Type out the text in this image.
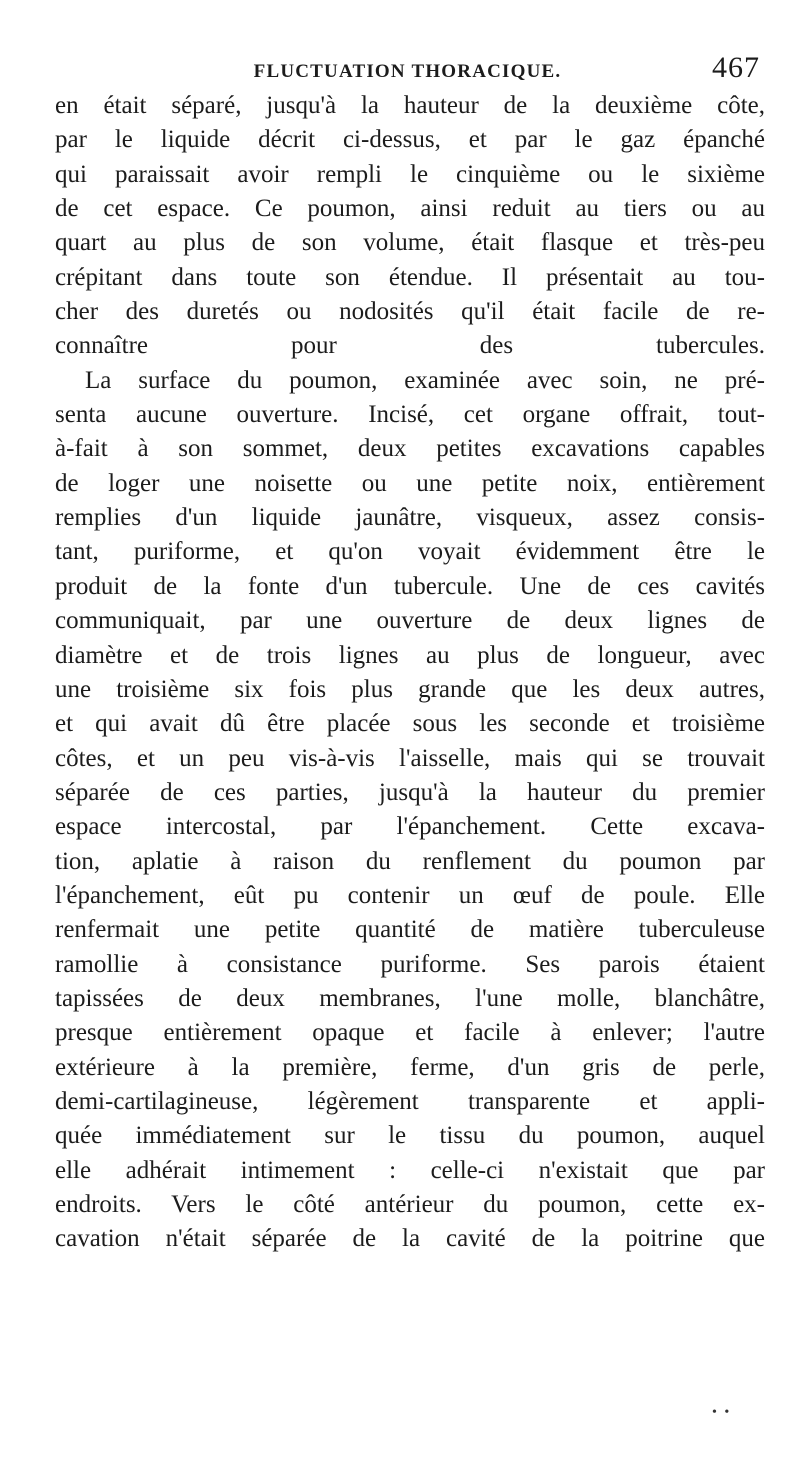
FLUCTUATION THORACIQUE.	467
en était séparé, jusqu'à la hauteur de la deuxième côte,
par le liquide décrit ci-dessus, et par le gaz épanché
qui paraissait avoir rempli le cinquième ou le sixième
de cet espace. Ce poumon, ainsi reduit au tiers ou au
quart au plus de son volume, était flasque et très-peu
crépitant dans toute son étendue. Il présentait au tou-
cher des duretés ou nodosités qu'il était facile de re-
connaître pour des tubercules.
La surface du poumon, examinée avec soin, ne pré-
senta aucune ouverture. Incisé, cet organe offrait, tout-
à-fait à son sommet, deux petites excavations capables
de loger une noisette ou une petite noix, entièrement
remplies d'un liquide jaunâtre, visqueux, assez consis-
tant, puriforme, et qu'on voyait évidemment être le
produit de la fonte d'un tubercule. Une de ces cavités
communiquait, par une ouverture de deux lignes de
diamètre et de trois lignes au plus de longueur, avec
une troisième six fois plus grande que les deux autres,
et qui avait dû être placée sous les seconde et troisième
côtes, et un peu vis-à-vis l'aisselle, mais qui se trouvait
séparée de ces parties, jusqu'à la hauteur du premier
espace intercostal, par l'épanchement. Cette excava-
tion, aplatie à raison du renflement du poumon par
l'épanchement, eût pu contenir un œuf de poule. Elle
renfermait une petite quantité de matière tuberculeuse
ramollie à consistance puriforme. Ses parois étaient
tapissées de deux membranes, l'une molle, blanchâtre,
presque entièrement opaque et facile à enlever; l'autre
extérieure à la première, ferme, d'un gris de perle,
demi-cartilagineuse, légèrement transparente et appli-
quée immédiatement sur le tissu du poumon, auquel
elle adhérait intimement : celle-ci n'existait que par
endroits. Vers le côté antérieur du poumon, cette ex-
cavation n'était séparée de la cavité de la poitrine que
• •
